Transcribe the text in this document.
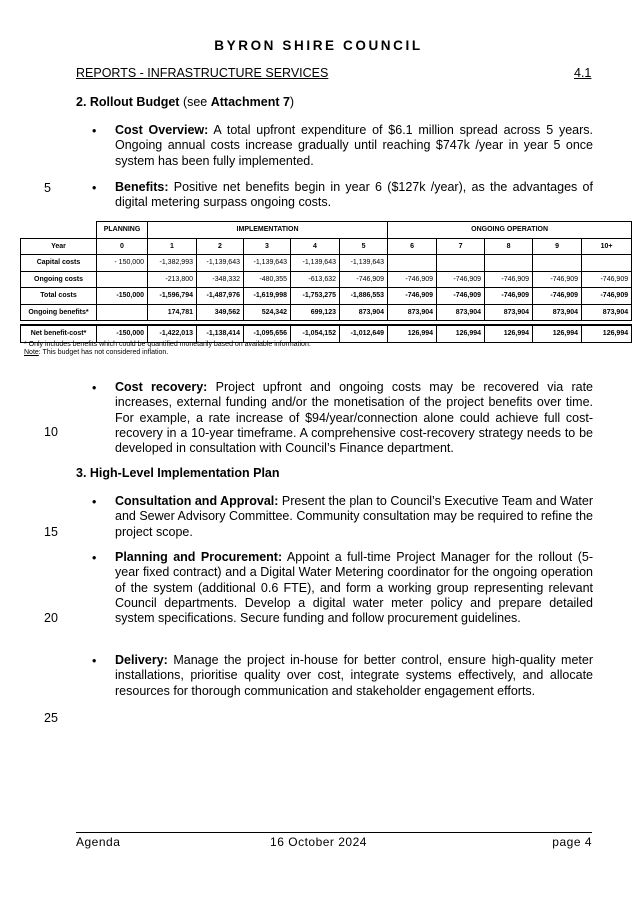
BYRON SHIRE COUNCIL
REPORTS - INFRASTRUCTURE SERVICES	4.1
2. Rollout Budget (see Attachment 7)
• Cost Overview: A total upfront expenditure of $6.1 million spread across 5 years. Ongoing annual costs increase gradually until reaching $747k /year in year 5 once system has been fully implemented.
5	• Benefits: Positive net benefits begin in year 6 ($127k /year), as the advantages of digital metering surpass ongoing costs.
	PLANNING	IMPLEMENTATION					ONGOING OPERATION				
Year	0	1	2	3	4	5	6	7	8	9	10+
Capital costs	- 150,000	-1,382,993	-1,139,643	-1,139,643	-1,139,643	-1,139,643					
Ongoing costs		-213,800	-348,332	-480,355	-613,632	-746,909	-746,909	-746,909	-746,909	-746,909	-746,909
Total costs	-150,000	-1,596,794	-1,487,976	-1,619,998	-1,753,275	-1,886,553	-746,909	-746,909	-746,909	-746,909	-746,909
Ongoing benefits*		174,781	349,562	524,342	699,123	873,904	873,904	873,904	873,904	873,904	873,904

Net benefit-cost*	-150,000	-1,422,013	-1,138,414	-1,095,656	-1,054,152	-1,012,649	126,994	126,994	126,994	126,994	126,994
* Only includes benefits which could be quantified monetarily based on available information.
Note: This budget has not considered inflation.
• Cost recovery: Project upfront and ongoing costs may be recovered via rate increases, external funding and/or the monetisation of the project benefits over time. For example, a rate increase of $94/year/connection alone could achieve full cost-recovery in a 10-year timeframe. A comprehensive cost-recovery strategy needs to be developed in consultation with Council’s Finance department.
10
3. High-Level Implementation Plan
• Consultation and Approval: Present the plan to Council’s Executive Team and Water and Sewer Advisory Committee. Community consultation may be required to refine the project scope.
15
• Planning and Procurement: Appoint a full-time Project Manager for the rollout (5-year fixed contract) and a Digital Water Metering coordinator for the ongoing operation of the system (additional 0.6 FTE), and form a working group representing relevant Council departments. Develop a digital water meter policy and prepare detailed system specifications. Secure funding and follow procurement guidelines.
20
• Delivery: Manage the project in-house for better control, ensure high-quality meter installations, prioritise quality over cost, integrate systems effectively, and allocate resources for thorough communication and stakeholder engagement efforts.
25
Agenda	16 October 2024	page 4
